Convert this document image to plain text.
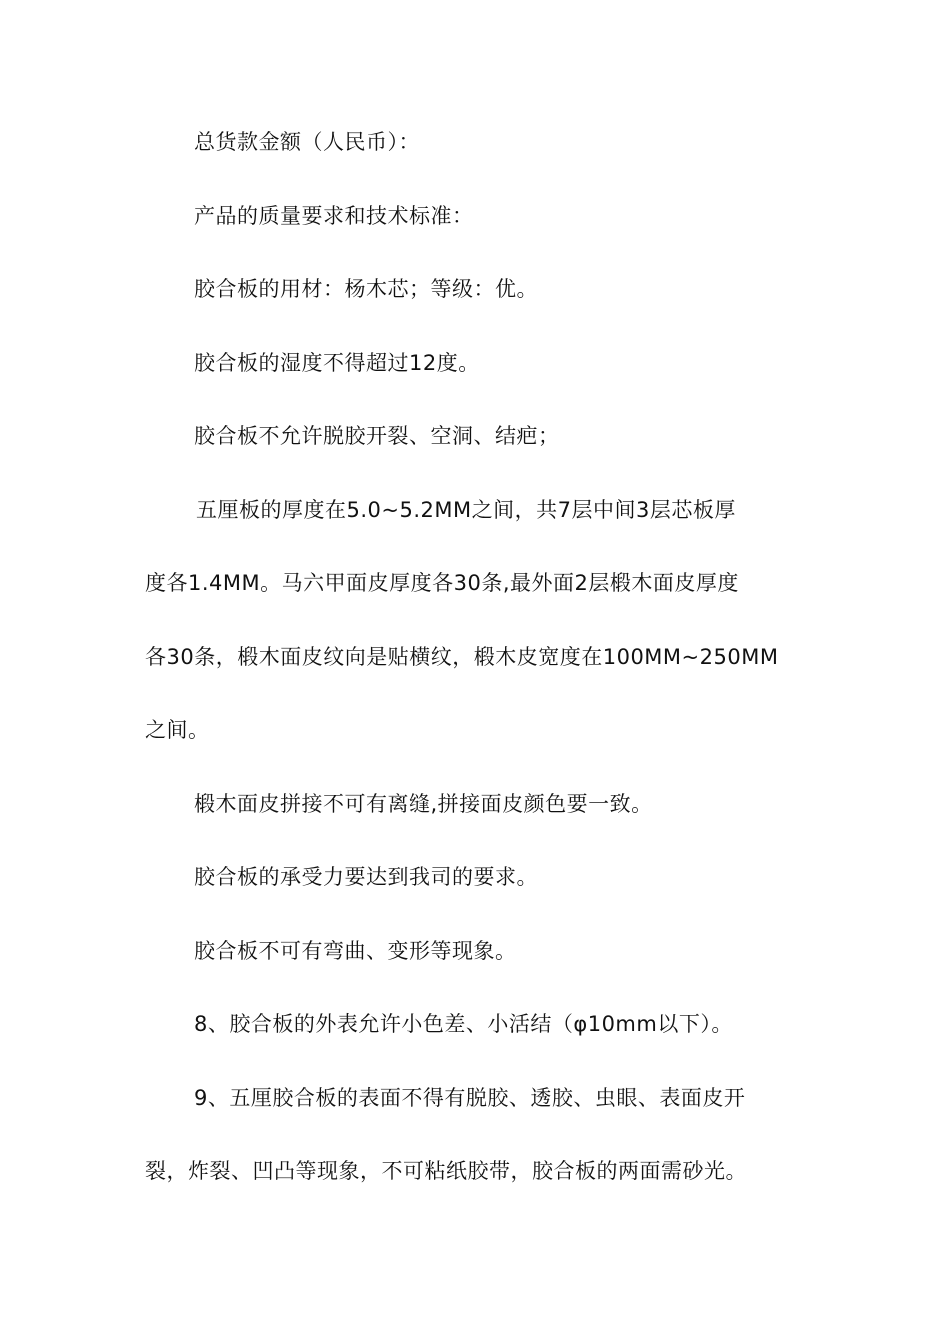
总货款金额（人民币）：
产品的质量要求和技术标准：
胶合板的用材：杨木芯；等级：优。
胶合板的湿度不得超过12度。
胶合板不允许脱胶开裂、空洞、结疤；
五厘板的厚度在5.0~5.2MM之间，共7层中间3层芯板厚
度各1.4MM。马六甲面皮厚度各30条,最外面2层椴木面皮厚度
各30条，椴木面皮纹向是贴横纹，椴木皮宽度在100MM~250MM
之间。
椴木面皮拼接不可有离缝,拼接面皮颜色要一致。
胶合板的承受力要达到我司的要求。
胶合板不可有弯曲、变形等现象。
8、胶合板的外表允许小色差、小活结（φ10mm以下）。
9、五厘胶合板的表面不得有脱胶、透胶、虫眼、表面皮开
裂，炸裂、凹凸等现象，不可粘纸胶带，胶合板的两面需砂光。
